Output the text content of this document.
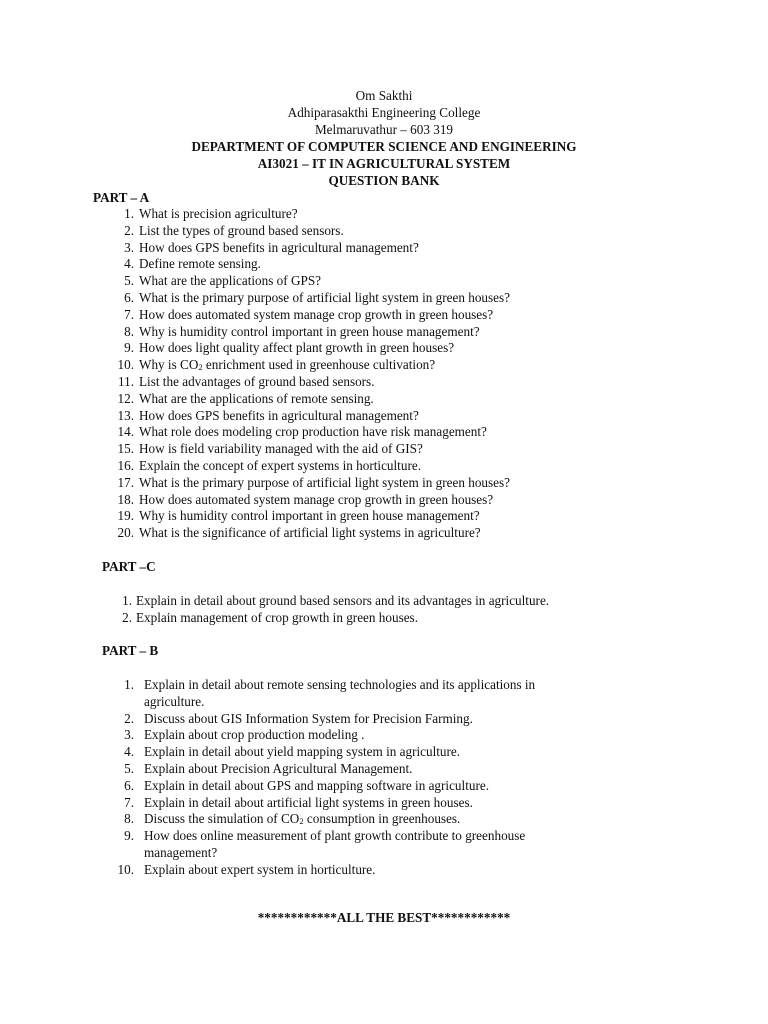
Om Sakthi
Adhiparasakthi Engineering College
Melmaruvathur – 603 319
DEPARTMENT OF COMPUTER SCIENCE AND ENGINEERING
AI3021 – IT IN AGRICULTURAL SYSTEM
QUESTION BANK
PART – A
1. What is precision agriculture?
2. List the types of ground based sensors.
3. How does GPS benefits in agricultural management?
4. Define remote sensing.
5. What are the applications of GPS?
6. What is the primary purpose of artificial light system in green houses?
7. How does automated system manage crop growth in green houses?
8. Why is humidity control important in green house management?
9. How does light quality affect plant growth in green houses?
10. Why is $CO_2$ enrichment used in greenhouse cultivation?
11. List the advantages of ground based sensors.
12. What are the applications of remote sensing.
13. How does GPS benefits in agricultural management?
14. What role does modeling crop production have risk management?
15. How is field variability managed with the aid of GIS?
16. Explain the concept of expert systems in horticulture.
17. What is the primary purpose of artificial light system in green houses?
18. How does automated system manage crop growth in green houses?
19. Why is humidity control important in green house management?
20. What is the significance of artificial light systems in agriculture?
PART –C
1. Explain in detail about ground based sensors and its advantages in agriculture.
2. Explain management of crop growth in green houses.
PART – B
1. Explain in detail about remote sensing technologies and its applications in
agriculture.
2. Discuss about GIS Information System for Precision Farming.
3. Explain about crop production modeling .
4. Explain in detail about yield mapping system in agriculture.
5. Explain about Precision Agricultural Management.
6. Explain in detail about GPS and mapping software in agriculture.
7. Explain in detail about artificial light systems in green houses.
8. Discuss the simulation of $CO_2$ consumption in greenhouses.
9. How does online measurement of plant growth contribute to greenhouse
management?
10. Explain about expert system in horticulture.
************ALL THE BEST************
